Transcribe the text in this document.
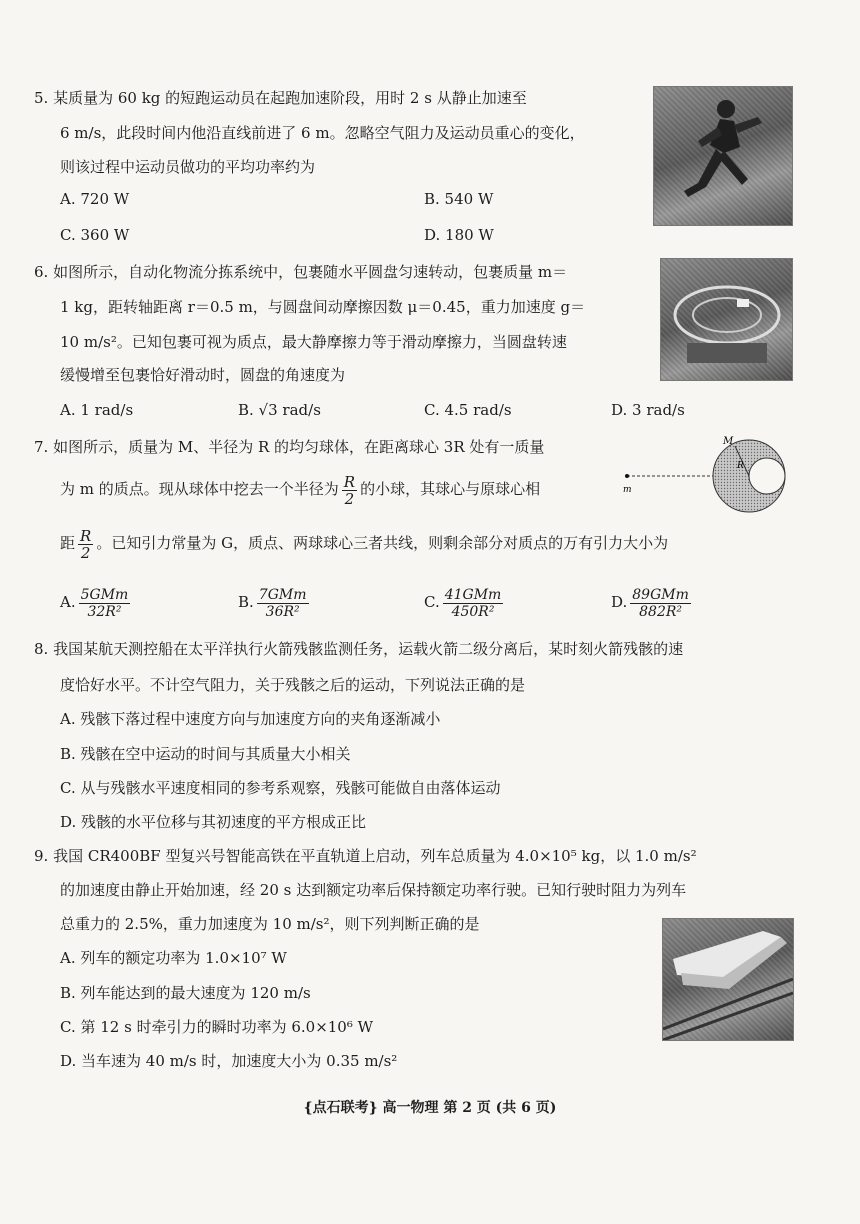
5. 某质量为 60 kg 的短跑运动员在起跑加速阶段，用时 2 s 从静止加速至
6 m/s，此段时间内他沿直线前进了 6 m。忽略空气阻力及运动员重心的变化，
则该过程中运动员做功的平均功率约为
A. 720 W	B. 540 W
C. 360 W	D. 180 W
6. 如图所示，自动化物流分拣系统中，包裹随水平圆盘匀速转动，包裹质量 m＝
1 kg，距转轴距离 r＝0.5 m，与圆盘间动摩擦因数 μ＝0.45，重力加速度 g＝
10 m/s²。已知包裹可视为质点，最大静摩擦力等于滑动摩擦力，当圆盘转速
缓慢增至包裹恰好滑动时，圆盘的角速度为
A. 1 rad/s	B. √3 rad/s	C. 4.5 rad/s	D. 3 rad/s
7. 如图所示，质量为 M、半径为 R 的均匀球体，在距离球心 3R 处有一质量
为 m 的质点。现从球体中挖去一个半径为 $\frac{R}{2}$ 的小球，其球心与原球心相
距 $\frac{R}{2}$ 。已知引力常量为 G，质点、两球球心三者共线，则剩余部分对质点的万有引力大小为
M
R
m
A. $\frac{\text{5GMm}}{\text{32R²}}$	B. $\frac{\text{7GMm}}{\text{36R²}}$	C. $\frac{\text{41GMm}}{\text{450R²}}$	D. $\frac{\text{89GMm}}{\text{882R²}}$
8. 我国某航天测控船在太平洋执行火箭残骸监测任务，运载火箭二级分离后，某时刻火箭残骸的速
度恰好水平。不计空气阻力，关于残骸之后的运动，下列说法正确的是
A. 残骸下落过程中速度方向与加速度方向的夹角逐渐减小
B. 残骸在空中运动的时间与其质量大小相关
C. 从与残骸水平速度相同的参考系观察，残骸可能做自由落体运动
D. 残骸的水平位移与其初速度的平方根成正比
9. 我国 CR400BF 型复兴号智能高铁在平直轨道上启动，列车总质量为 4.0×10⁵ kg，以 1.0 m/s²
的加速度由静止开始加速，经 20 s 达到额定功率后保持额定功率行驶。已知行驶时阻力为列车
总重力的 2.5%，重力加速度为 10 m/s²，则下列判断正确的是
A. 列车的额定功率为 1.0×10⁷ W
B. 列车能达到的最大速度为 120 m/s
C. 第 12 s 时牵引力的瞬时功率为 6.0×10⁶ W
D. 当车速为 40 m/s 时，加速度大小为 0.35 m/s²
{点石联考} 高一物理 第 2 页 (共 6 页)
